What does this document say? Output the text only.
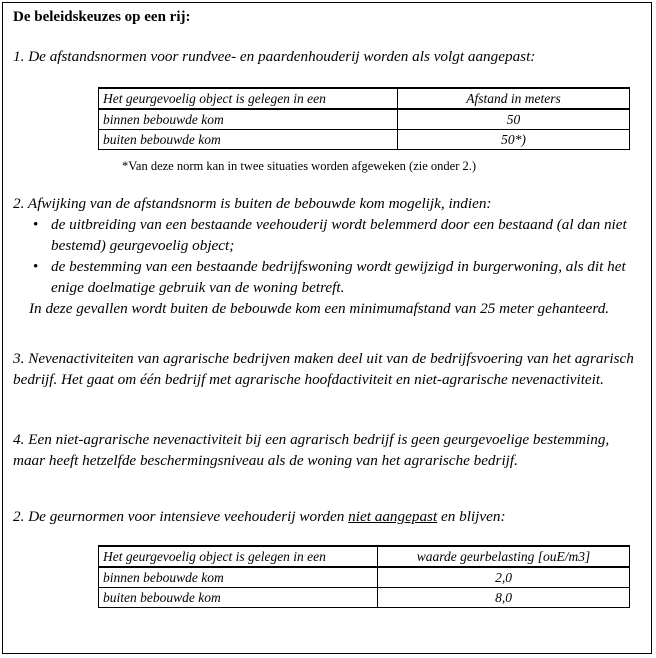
De beleidskeuzes op een rij:
1. De afstandsnormen voor rundvee- en paardenhouderij worden als volgt aangepast:
Het geurgevoelig object is gelegen in een	Afstand in meters
binnen bebouwde kom	50
buiten bebouwde kom	50*)
*Van deze norm kan in twee situaties worden afgeweken (zie onder 2.)
2. Afwijking van de afstandsnorm is buiten de bebouwde kom mogelijk, indien:
• de uitbreiding van een bestaande veehouderij wordt belemmerd door een bestaand (al dan niet bestemd) geurgevoelig object;
• de bestemming van een bestaande bedrijfswoning wordt gewijzigd in burgerwoning, als dit het enige doelmatige gebruik van de woning betreft.
In deze gevallen wordt buiten de bebouwde kom een minimumafstand van 25 meter gehanteerd.
3. Nevenactiviteiten van agrarische bedrijven maken deel uit van de bedrijfsvoering van het agrarisch bedrijf. Het gaat om één bedrijf met agrarische hoofdactiviteit en niet-agrarische nevenactiviteit.
4. Een niet-agrarische nevenactiviteit bij een agrarisch bedrijf is geen geurgevoelige bestemming, maar heeft hetzelfde beschermingsniveau als de woning van het agrarische bedrijf.
2. De geurnormen voor intensieve veehouderij worden niet aangepast en blijven:
Het geurgevoelig object is gelegen in een	waarde geurbelasting [ouE/m3]
binnen bebouwde kom	2,0
buiten bebouwde kom	8,0
